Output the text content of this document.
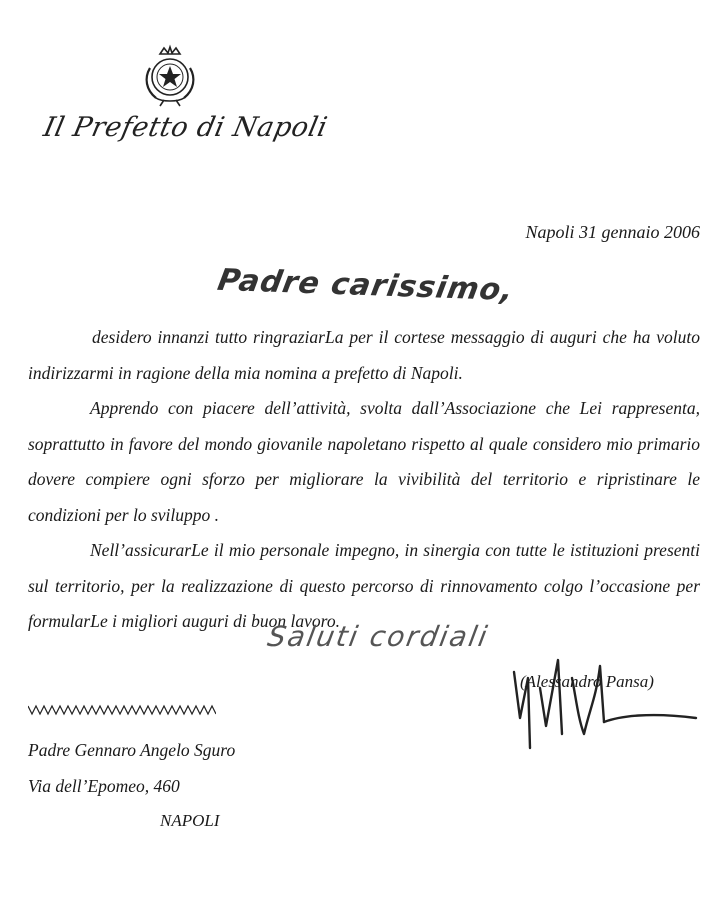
Il Prefetto di Napoli
Napoli 31 gennaio 2006
Padre carissimo,

desidero innanzi tutto ringraziarLa per il cortese messaggio di auguri che ha voluto indirizzarmi in ragione della mia nomina a prefetto di Napoli.

Apprendo con piacere dell’attività, svolta dall’Associazione che Lei rappresenta, soprattutto in favore del mondo giovanile napoletano rispetto al quale considero mio primario dovere compiere ogni sforzo per migliorare la vivibilità del territorio e ripristinare le condizioni per lo sviluppo .

Nell’assicurarLe il mio personale impegno, in sinergia con tutte le istituzioni presenti sul territorio, per la realizzazione di questo percorso di rinnovamento colgo l’occasione per formularLe i migliori auguri di buon lavoro.

Saluti cordiali
(Alessandro Pansa)
Padre Gennaro Angelo Sguro
Via dell’Epomeo, 460
NAPOLI
